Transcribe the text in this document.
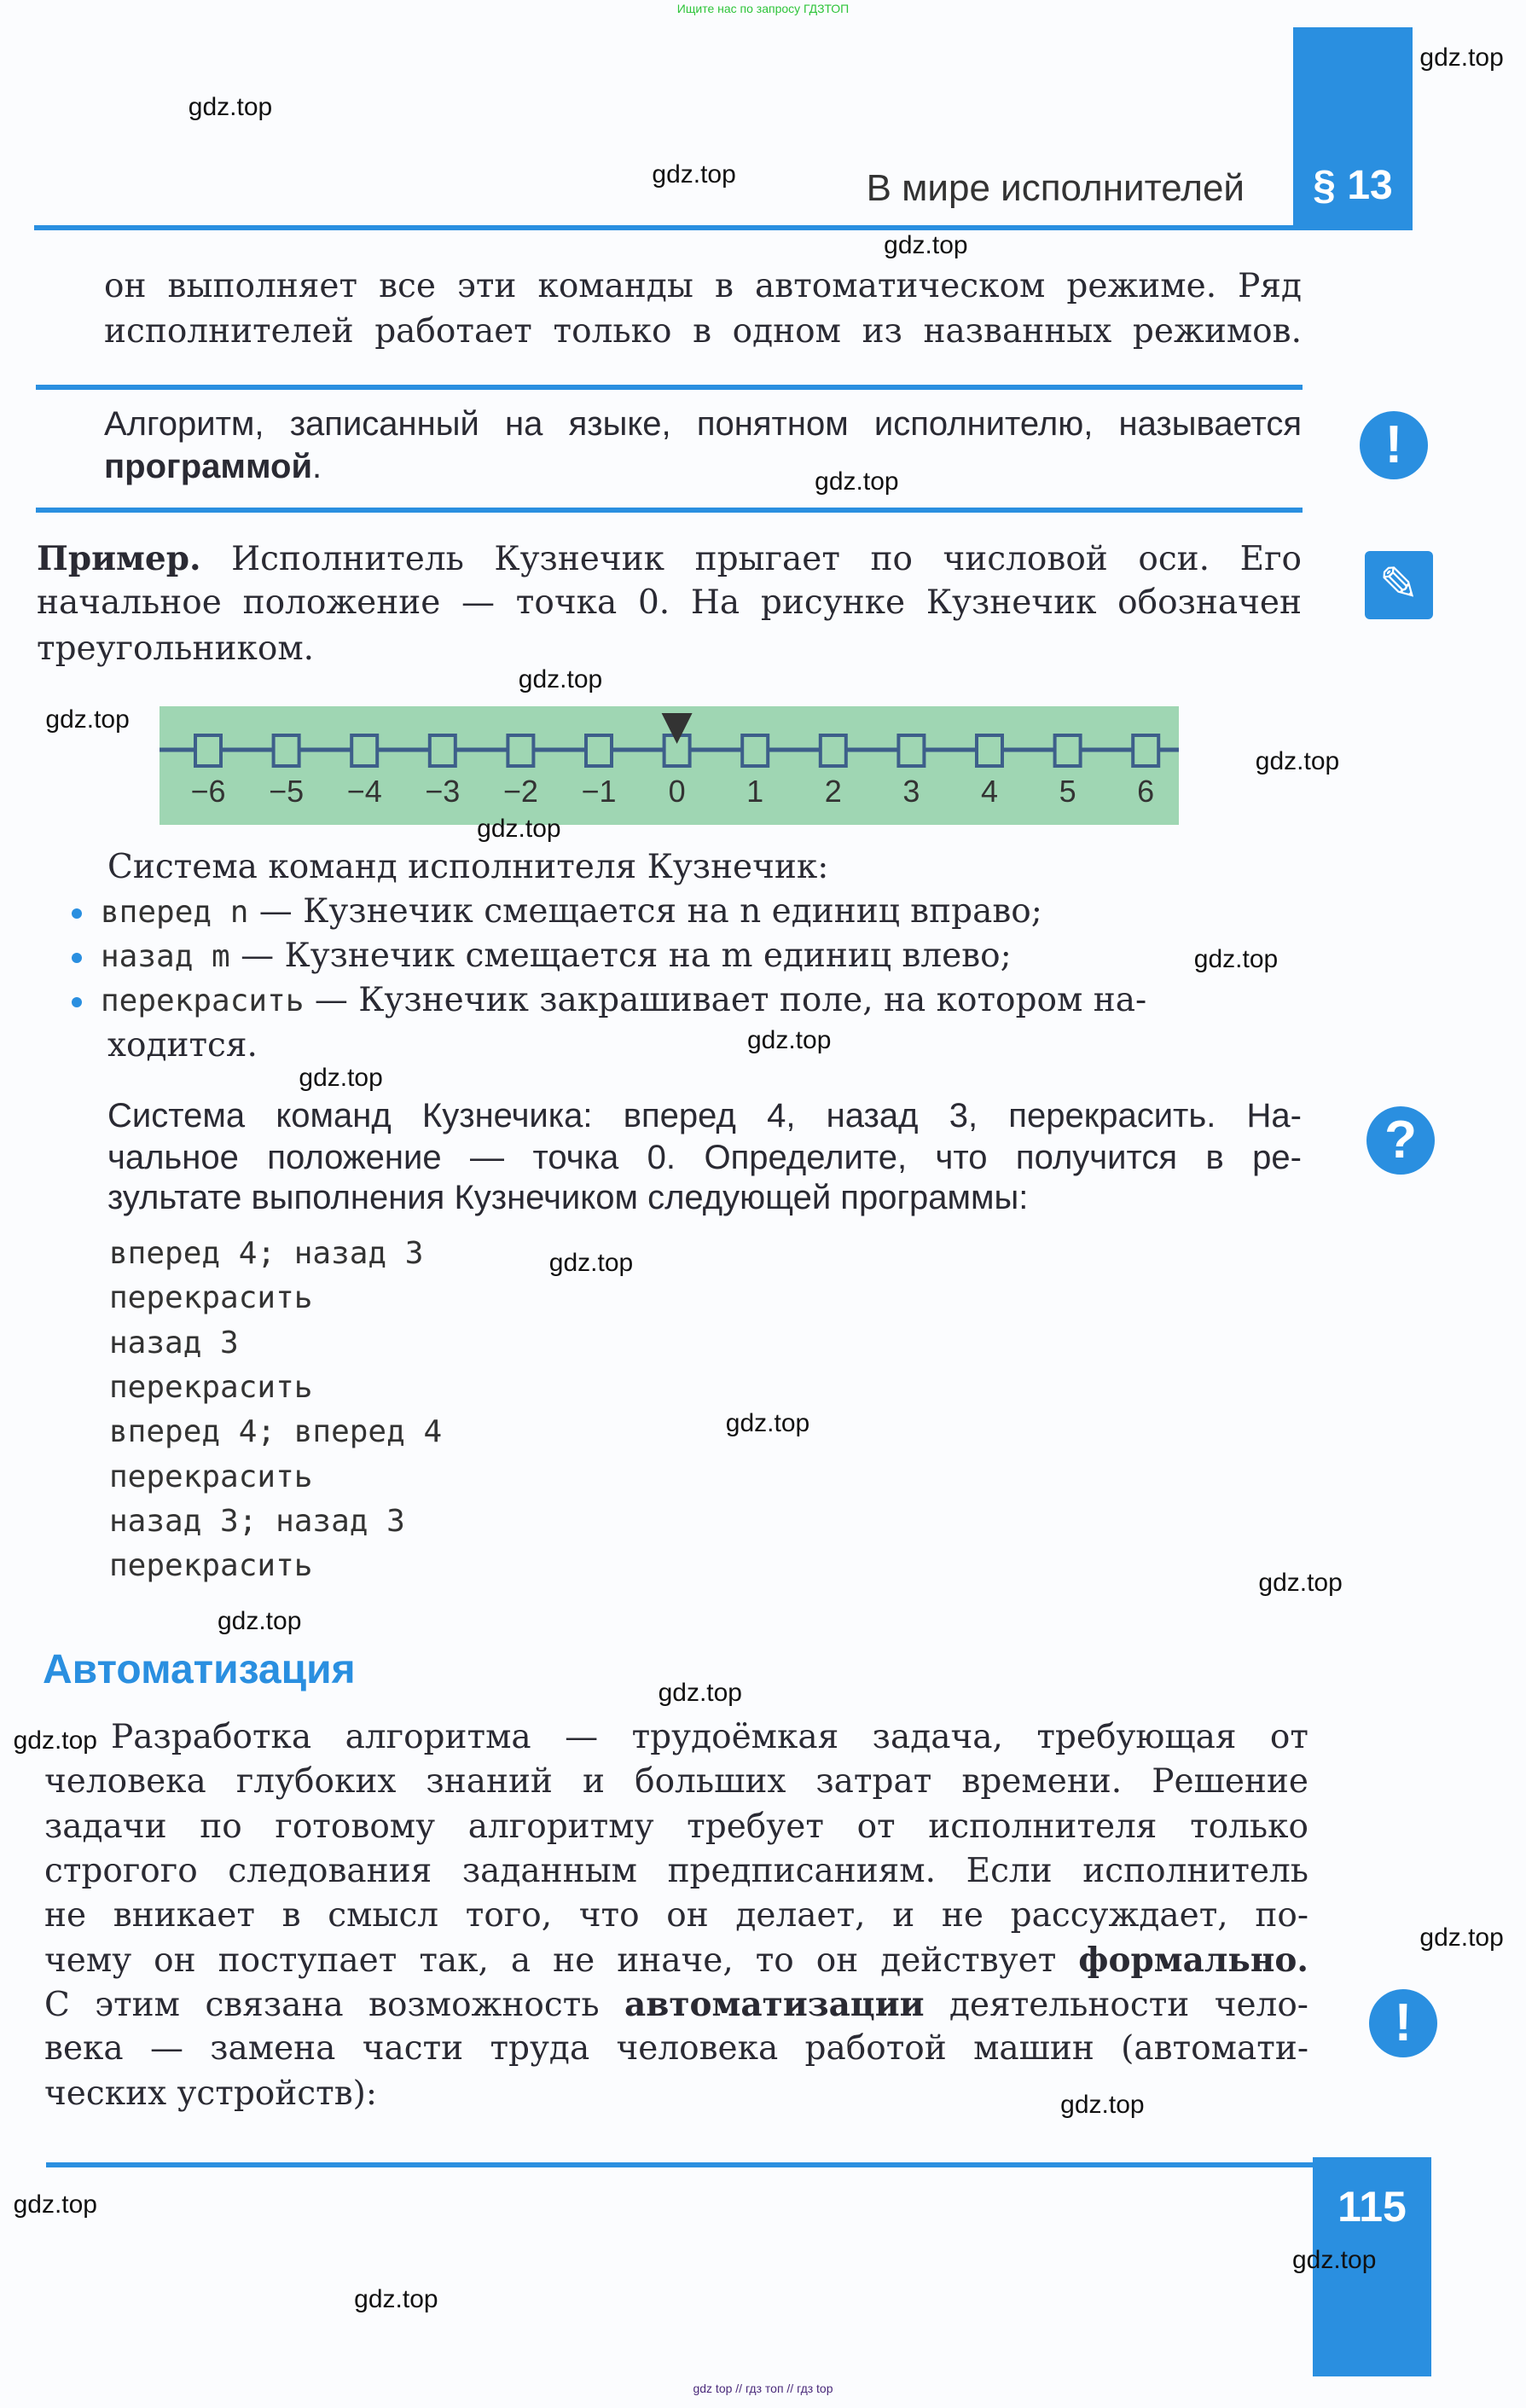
Ищите нас по запросу ГДЗТОП
§ 13
В мире исполнителей
он выполняет все эти команды в автоматическом режиме. Ряд
исполнителей работает только в одном из названных режимов.
Алгоритм, записанный на языке, понятном исполнителю, называется
программой.
Пример. Исполнитель Кузнечик прыгает по числовой оси. Его
начальное положение — точка 0. На рисунке Кузнечик обозначен
треугольником.
Система команд исполнителя Кузнечик:
вперед n — Кузнечик смещается на n единиц вправо;
назад m — Кузнечик смещается на m единиц влево;
перекрасить — Кузнечик закрашивает поле, на котором на-
ходится.
Система команд Кузнечика: вперед 4, назад 3, перекрасить. На-
чальное положение — точка 0. Определите, что получится в ре-
зультате выполнения Кузнечиком следующей программы:
вперед 4; назад 3
перекрасить
назад 3
перекрасить
вперед 4; вперед 4
перекрасить
назад 3; назад 3
перекрасить
Разработка алгоритма — трудоёмкая задача, требующая от
человека глубоких знаний и больших затрат времени. Решение
задачи по готовому алгоритму требует от исполнителя только
строгого следования заданным предписаниям. Если исполнитель
не вникает в смысл того, что он делает, и не рассуждает, по-
чему он поступает так, а не иначе, то он действует формально.
С этим связана возможность автоматизации деятельности чело-
века — замена части труда человека работой машин (автомати-
ческих устройств):
−6 −5 −4 −3 −2 −1 0 1 2 3 4 5 6
Автоматизация
115
!
✎
?
!
gdz top // гдз топ // гдз top
gdz.top
gdz.top
gdz.top
gdz.top
gdz.top
gdz.top
gdz.top
gdz.top
gdz.top
gdz.top
gdz.top
gdz.top
gdz.top
gdz.top
gdz.top
gdz.top
gdz.top
gdz.top
gdz.top
gdz.top
gdz.top
gdz.top
gdz.top
